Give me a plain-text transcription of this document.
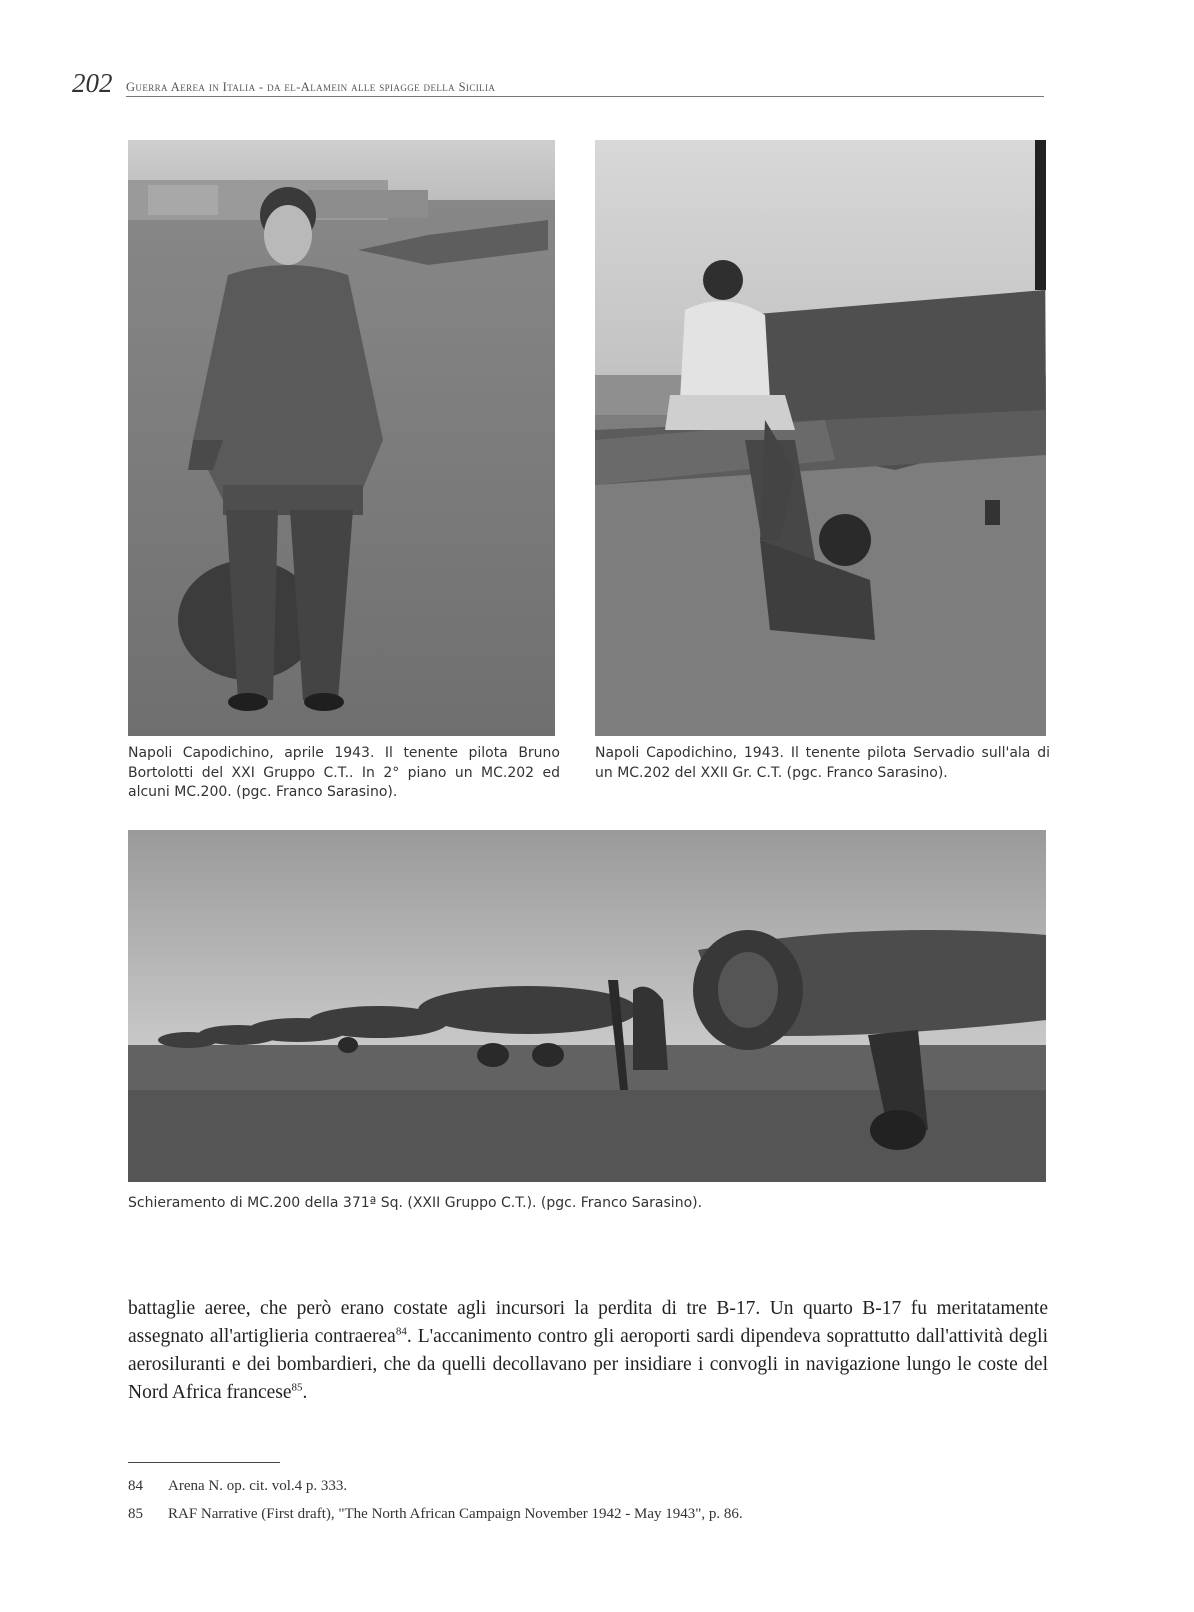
202 Guerra Aerea in Italia - da el-Alamein alle spiagge della Sicilia
Napoli Capodichino, aprile 1943. Il tenente pilota Bruno Bortolotti del XXI Gruppo C.T.. In 2° piano un MC.202 ed alcuni MC.200. (pgc. Franco Sarasino).
Napoli Capodichino, 1943. Il tenente pilota Servadio sull'ala di un MC.202 del XXII Gr. C.T. (pgc. Franco Sarasino).
Schieramento di MC.200 della 371ª Sq. (XXII Gruppo C.T.). (pgc. Franco Sarasino).

battaglie aeree, che però erano costate agli incursori la perdita di tre B-17. Un quarto B-17 fu meritatamente assegnato all'artiglieria contraerea$^{84}$. L'accanimento contro gli aeroporti sardi dipendeva soprattutto dall'attività degli aerosiluranti e dei bombardieri, che da quelli decollavano per insidiare i convogli in navigazione lungo le coste del Nord Africa francese$^{85}$.

84 Arena N. op. cit. vol.4 p. 333.
85 RAF Narrative (First draft), "The North African Campaign November 1942 - May 1943", p. 86.
